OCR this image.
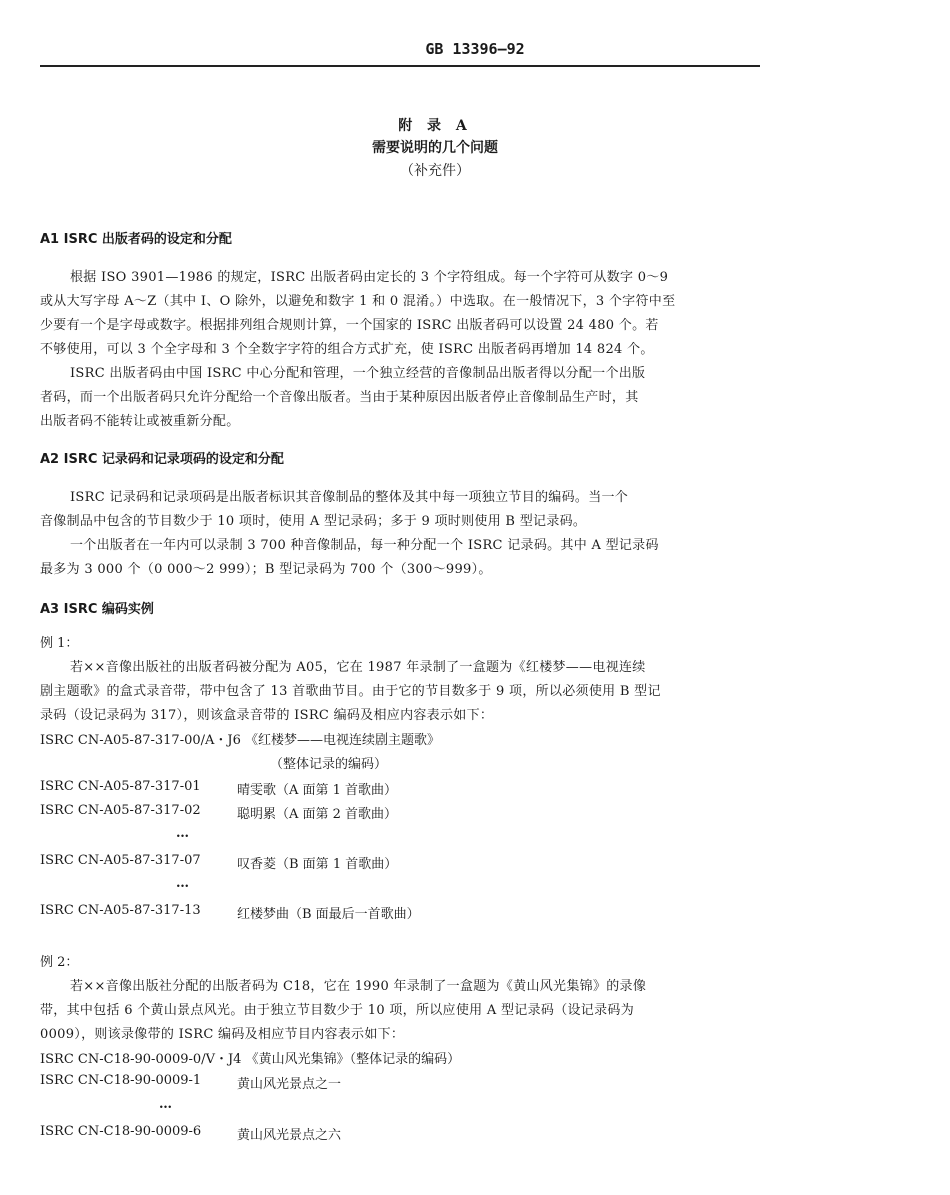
GB 13396—92
附 录 A
需要说明的几个问题
（补充件）
A1 ISRC 出版者码的设定和分配
根据 ISO 3901—1986 的规定，ISRC 出版者码由定长的 3 个字符组成。每一个字符可从数字 0～9
或从大写字母 A～Z（其中 I、O 除外，以避免和数字 1 和 0 混淆。）中选取。在一般情况下，3 个字符中至
少要有一个是字母或数字。根据排列组合规则计算，一个国家的 ISRC 出版者码可以设置 24 480 个。若
不够使用，可以 3 个全字母和 3 个全数字字符的组合方式扩充，使 ISRC 出版者码再增加 14 824 个。
ISRC 出版者码由中国 ISRC 中心分配和管理，一个独立经营的音像制品出版者得以分配一个出版
者码，而一个出版者码只允许分配给一个音像出版者。当由于某种原因出版者停止音像制品生产时，其
出版者码不能转让或被重新分配。
A2 ISRC 记录码和记录项码的设定和分配
ISRC 记录码和记录项码是出版者标识其音像制品的整体及其中每一项独立节目的编码。当一个
音像制品中包含的节目数少于 10 项时，使用 A 型记录码；多于 9 项时则使用 B 型记录码。
一个出版者在一年内可以录制 3 700 种音像制品，每一种分配一个 ISRC 记录码。其中 A 型记录码
最多为 3 000 个（0 000～2 999）；B 型记录码为 700 个（300～999）。
A3 ISRC 编码实例
例 1：
若××音像出版社的出版者码被分配为 A05，它在 1987 年录制了一盒题为《红楼梦——电视连续
剧主题歌》的盒式录音带，带中包含了 13 首歌曲节目。由于它的节目数多于 9 项，所以必须使用 B 型记
录码（设记录码为 317），则该盒录音带的 ISRC 编码及相应内容表示如下：
ISRC CN-A05-87-317-00/A・J6 《红楼梦——电视连续剧主题歌》
（整体记录的编码）
ISRC CN-A05-87-317-01	晴雯歌（A 面第 1 首歌曲）
ISRC CN-A05-87-317-02	聪明累（A 面第 2 首歌曲）
…
ISRC CN-A05-87-317-07	叹香菱（B 面第 1 首歌曲）
…
ISRC CN-A05-87-317-13	红楼梦曲（B 面最后一首歌曲）
例 2：
若××音像出版社分配的出版者码为 C18，它在 1990 年录制了一盒题为《黄山风光集锦》的录像
带，其中包括 6 个黄山景点风光。由于独立节目数少于 10 项，所以应使用 A 型记录码（设记录码为
0009），则该录像带的 ISRC 编码及相应节目内容表示如下：
ISRC CN-C18-90-0009-0/V・J4 《黄山风光集锦》（整体记录的编码）
ISRC CN-C18-90-0009-1	黄山风光景点之一
…
ISRC CN-C18-90-0009-6	黄山风光景点之六
